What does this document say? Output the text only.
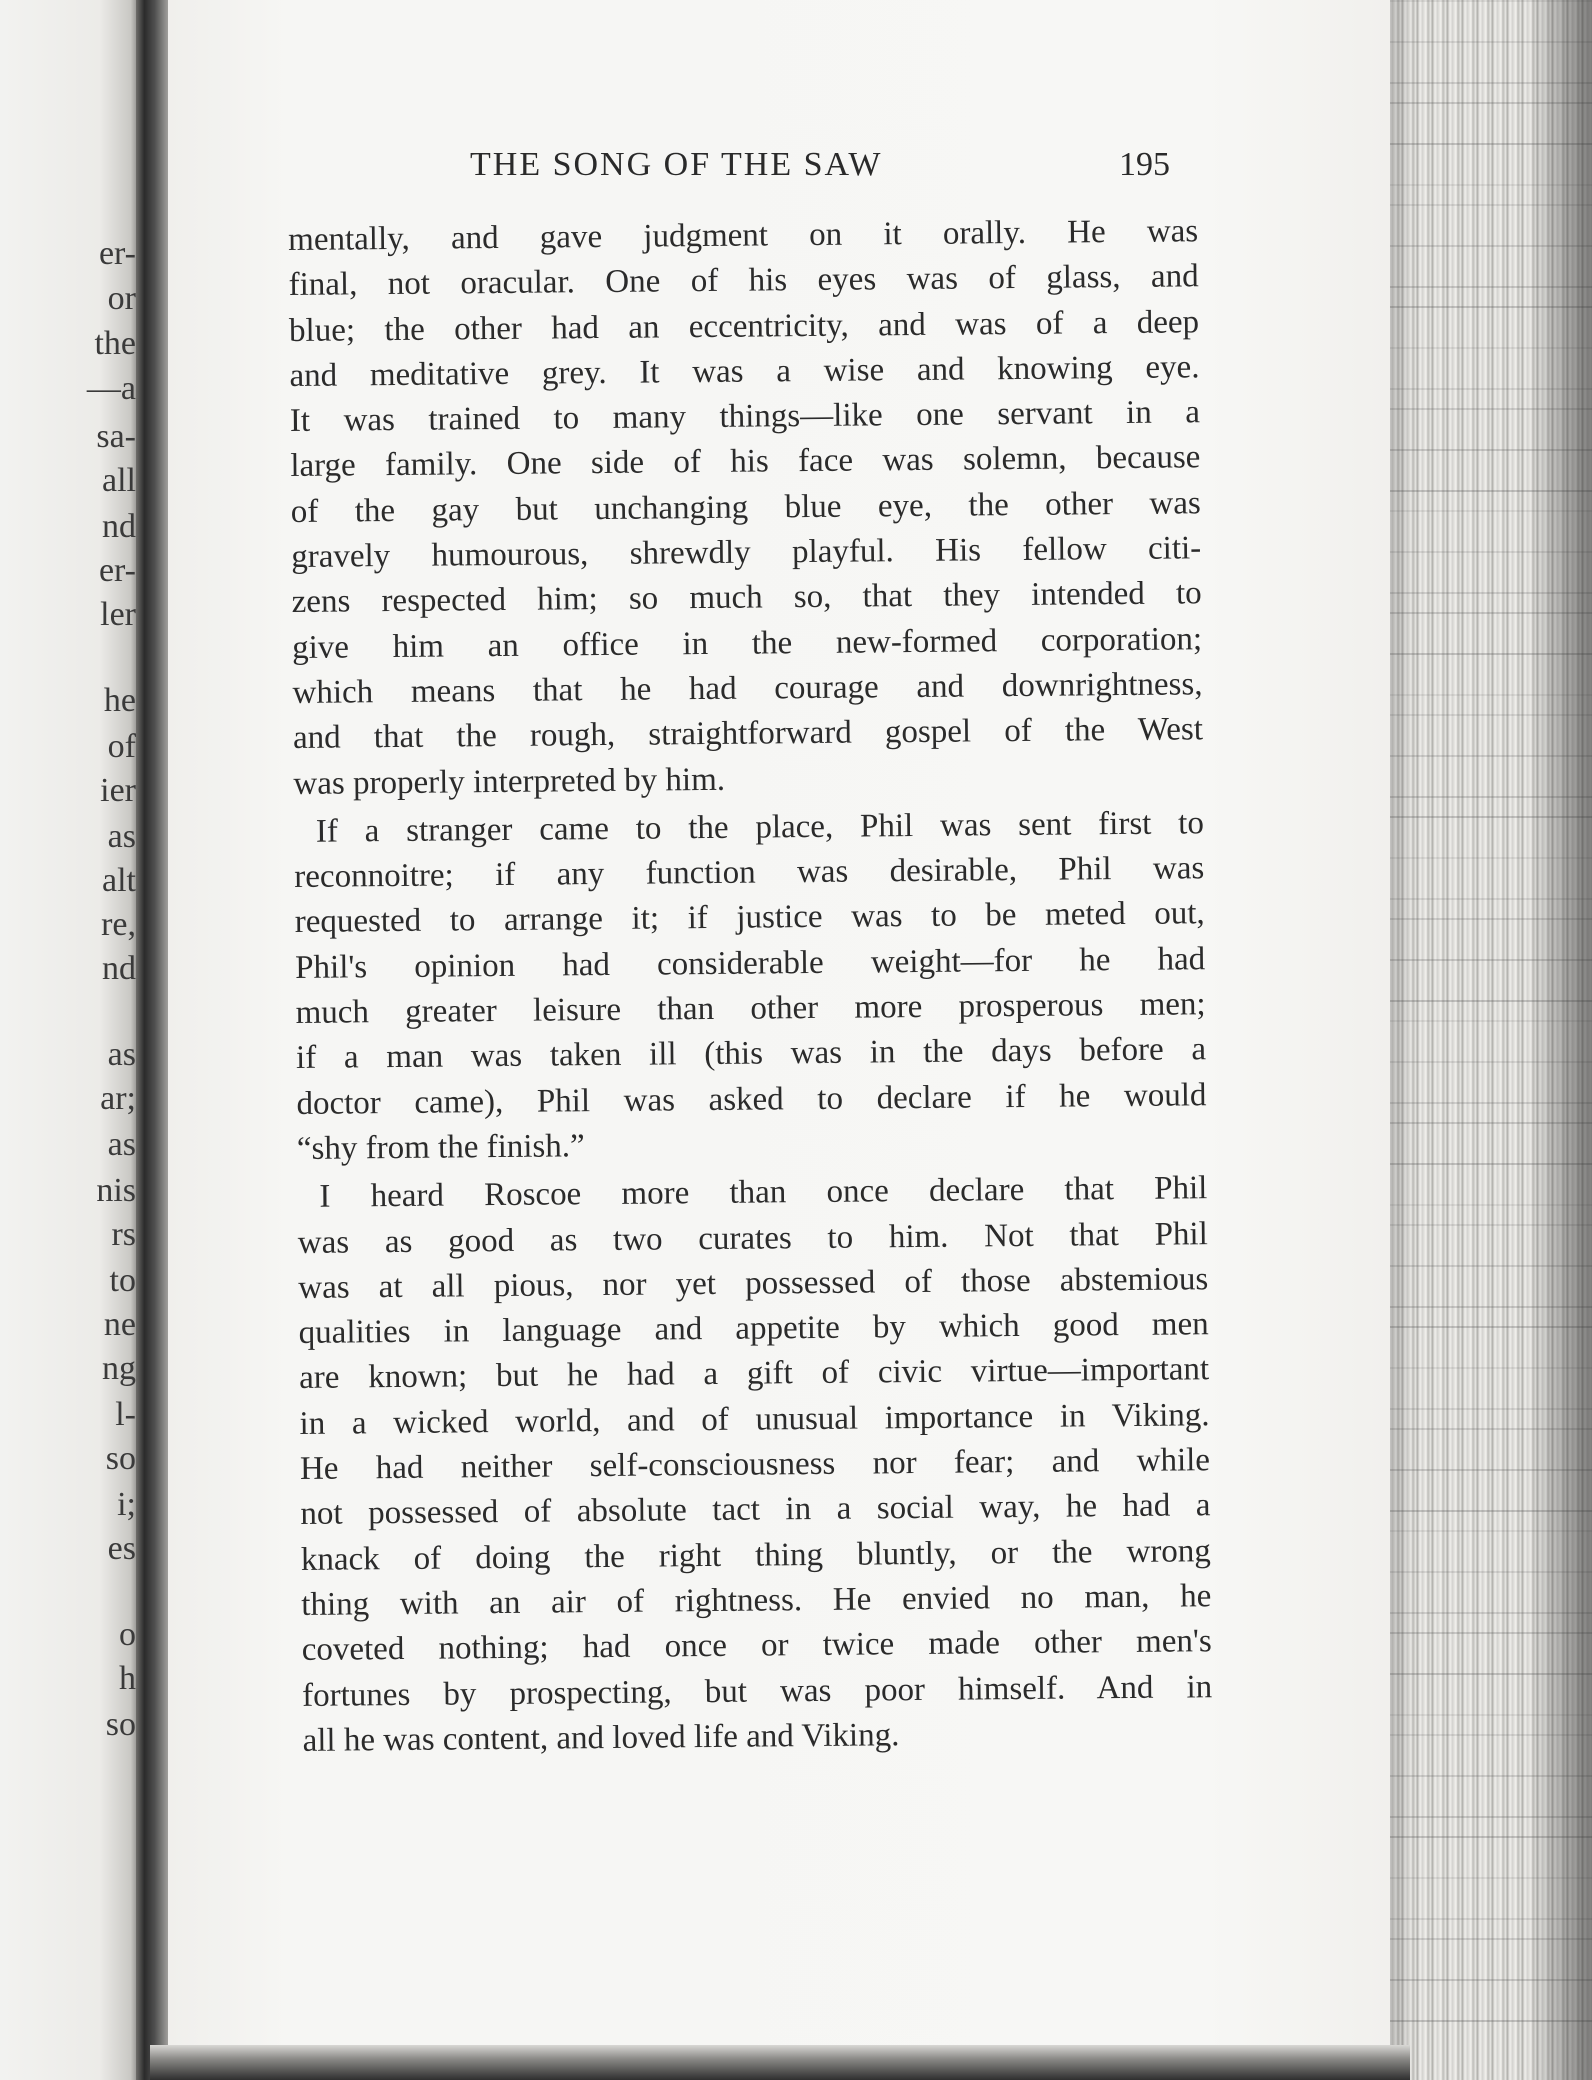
er-
or
the
—a
sa-
all
nd
er-
ler
he
of
ier
as
alt
re,
nd
as
ar;
as
nis
rs
to
ne
ng
l-
so
i;
es
o
h
so
THE SONG OF THE SAW	195
mentally, and gave judgment on it orally. He was
final, not oracular. One of his eyes was of glass, and
blue; the other had an eccentricity, and was of a deep
and meditative grey. It was a wise and knowing eye.
It was trained to many things—like one servant in a
large family. One side of his face was solemn, because
of the gay but unchanging blue eye, the other was
gravely humourous, shrewdly playful. His fellow citi-
zens respected him; so much so, that they intended to
give him an office in the new-formed corporation;
which means that he had courage and downrightness,
and that the rough, straightforward gospel of the West
was properly interpreted by him.
If a stranger came to the place, Phil was sent first to
reconnoitre; if any function was desirable, Phil was
requested to arrange it; if justice was to be meted out,
Phil's opinion had considerable weight—for he had
much greater leisure than other more prosperous men;
if a man was taken ill (this was in the days before a
doctor came), Phil was asked to declare if he would
“shy from the finish.”
I heard Roscoe more than once declare that Phil
was as good as two curates to him. Not that Phil
was at all pious, nor yet possessed of those abstemious
qualities in language and appetite by which good men
are known; but he had a gift of civic virtue—important
in a wicked world, and of unusual importance in Viking.
He had neither self-consciousness nor fear; and while
not possessed of absolute tact in a social way, he had a
knack of doing the right thing bluntly, or the wrong
thing with an air of rightness. He envied no man, he
coveted nothing; had once or twice made other men's
fortunes by prospecting, but was poor himself. And in
all he was content, and loved life and Viking.
